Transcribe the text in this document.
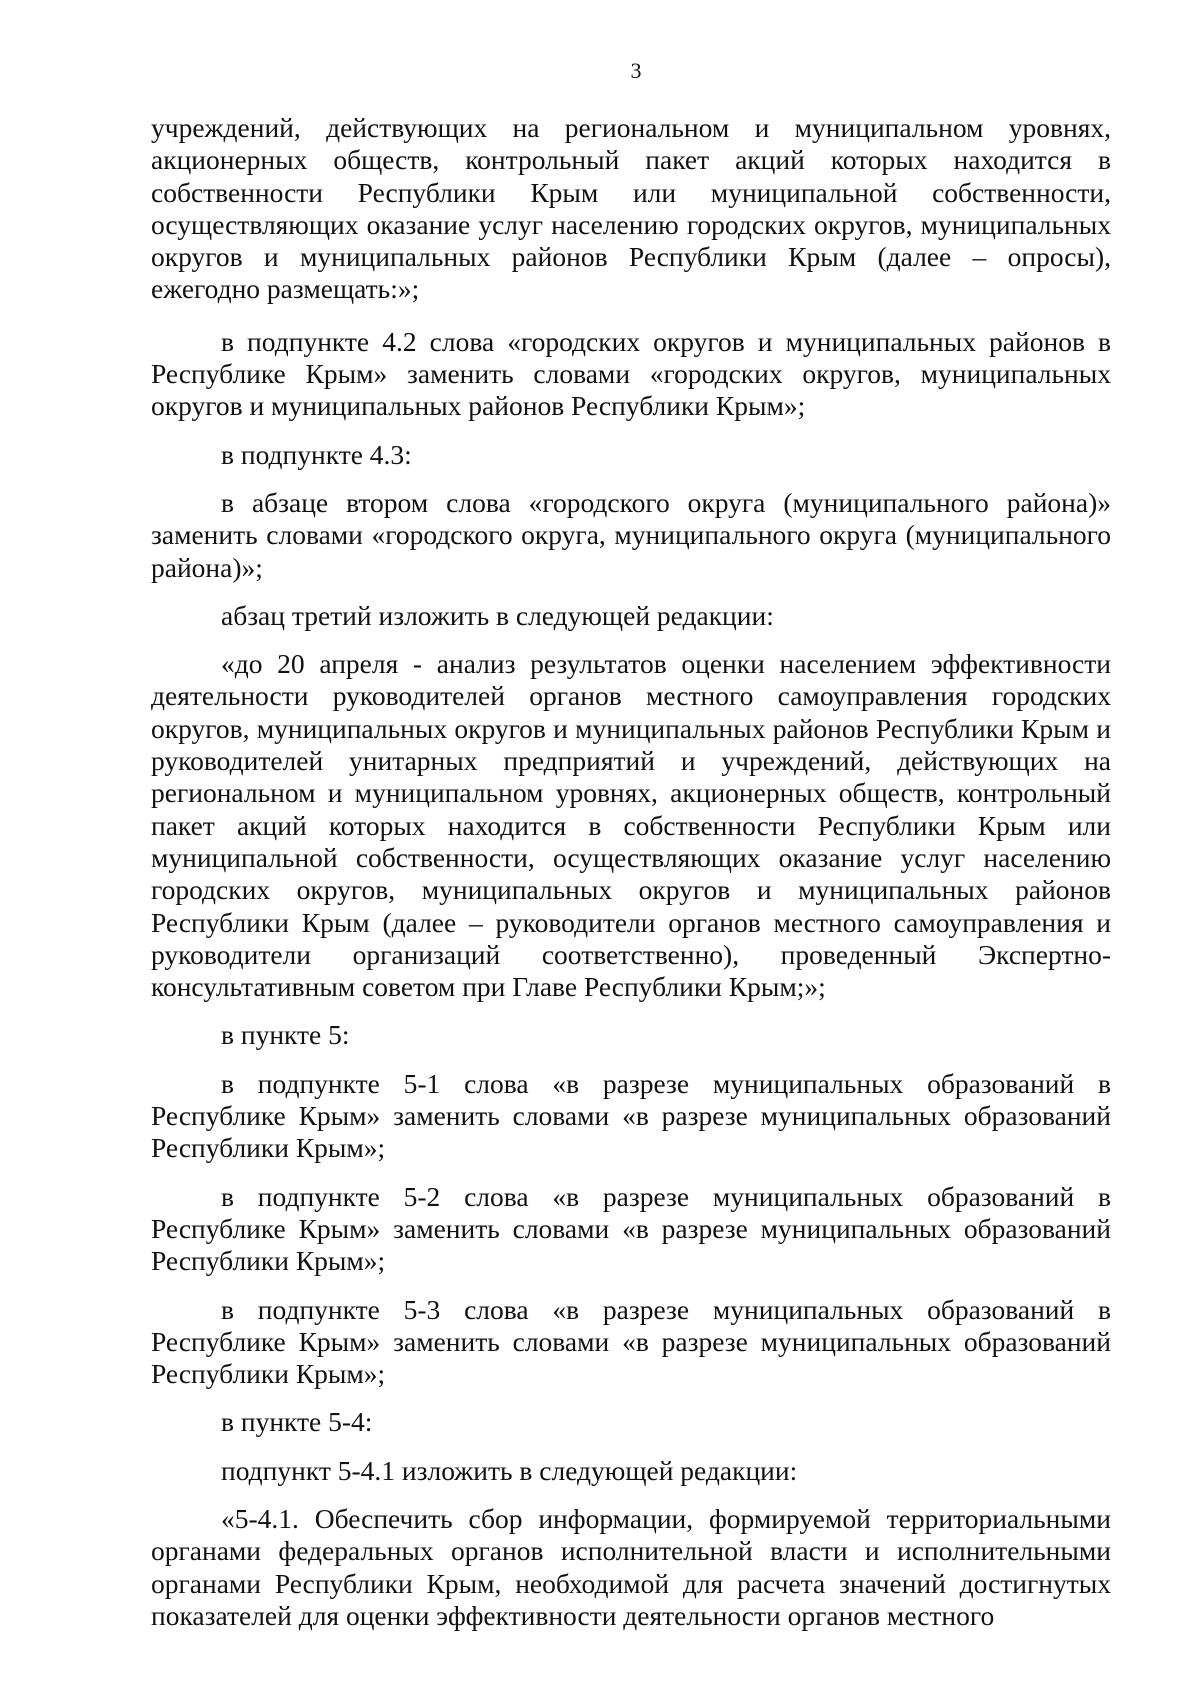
3

учреждений, действующих на региональном и муниципальном уровнях, акционерных обществ, контрольный пакет акций которых находится в собственности Республики Крым или муниципальной собственности, осуществляющих оказание услуг населению городских округов, муниципальных округов и муниципальных районов Республики Крым (далее – опросы), ежегодно размещать:»;

в подпункте 4.2 слова «городских округов и муниципальных районов в Республике Крым» заменить словами «городских округов, муниципальных округов и муниципальных районов Республики Крым»;

в подпункте 4.3:

в абзаце втором слова «городского округа (муниципального района)» заменить словами «городского округа, муниципального округа (муниципального района)»;

абзац третий изложить в следующей редакции:

«до 20 апреля - анализ результатов оценки населением эффективности деятельности руководителей органов местного самоуправления городских округов, муниципальных округов и муниципальных районов Республики Крым и руководителей унитарных предприятий и учреждений, действующих на региональном и муниципальном уровнях, акционерных обществ, контрольный пакет акций которых находится в собственности Республики Крым или муниципальной собственности, осуществляющих оказание услуг населению городских округов, муниципальных округов и муниципальных районов Республики Крым (далее – руководители органов местного самоуправления и руководители организаций соответственно), проведенный Экспертно-консультативным советом при Главе Республики Крым;»;

в пункте 5:

в подпункте 5-1 слова «в разрезе муниципальных образований в Республике Крым» заменить словами «в разрезе муниципальных образований Республики Крым»;

в подпункте 5-2 слова «в разрезе муниципальных образований в Республике Крым» заменить словами «в разрезе муниципальных образований Республики Крым»;

в подпункте 5-3 слова «в разрезе муниципальных образований в Республике Крым» заменить словами «в разрезе муниципальных образований Республики Крым»;

в пункте 5-4:

подпункт 5-4.1 изложить в следующей редакции:

«5-4.1. Обеспечить сбор информации, формируемой территориальными органами федеральных органов исполнительной власти и исполнительными органами Республики Крым, необходимой для расчета значений достигнутых показателей для оценки эффективности деятельности органов местного
